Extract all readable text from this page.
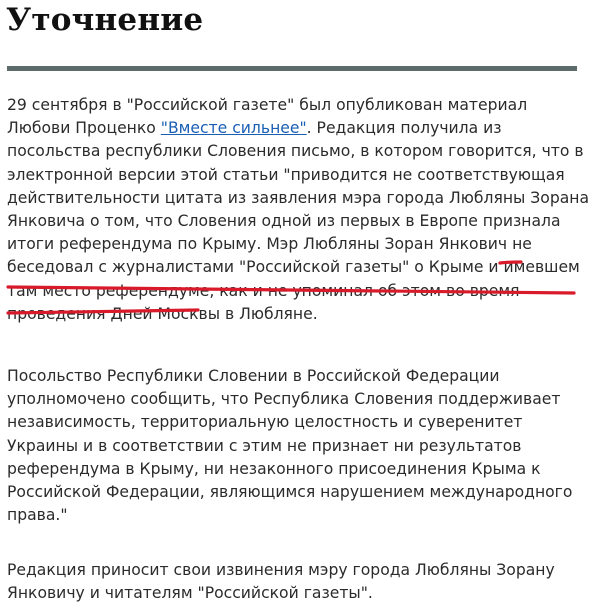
Уточнение

29 сентября в "Российской газете" был опубликован материал
Любови Проценко "Вместе сильнее". Редакция получила из
посольства республики Словения письмо, в котором говорится, что в
электронной версии этой статьи "приводится не соответствующая
действительности цитата из заявления мэра города Любляны Зорана
Янковича о том, что Словения одной из первых в Европе признала
итоги референдума по Крыму. Мэр Любляны Зоран Янкович не
беседовал с журналистами "Российской газеты" о Крыме и имевшем
там место референдуме, как и не упоминал об этом во время
проведения Дней Москвы в Любляне.

Посольство Республики Словении в Российской Федерации
уполномочено сообщить, что Республика Словения поддерживает
независимость, территориальную целостность и суверенитет
Украины и в соответствии с этим не признает ни результатов
референдума в Крыму, ни незаконного присоединения Крыма к
Российской Федерации, являющимся нарушением международного
права."

Редакция приносит свои извинения мэру города Любляны Зорану
Янковичу и читателям "Российской газеты".
